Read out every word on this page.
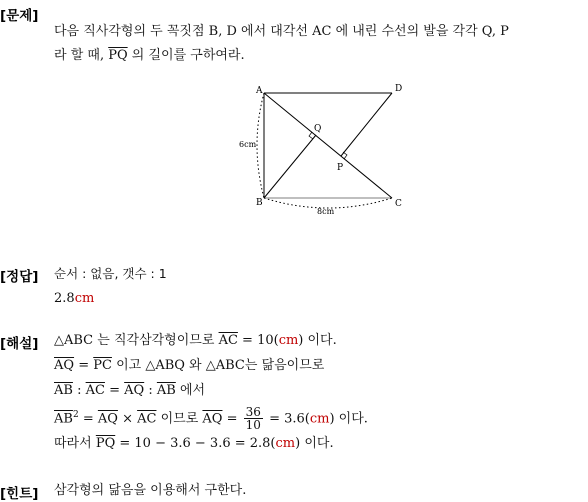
[문제]
다음 직사각형의 두 꼭짓점 B, D 에서 대각선 AC 에 내린 수선의 발을 각각 Q, P
라 할 때, $\overline{PQ}$ 의 길이를 구하여라.
A	D
B	C
Q
P
6cm
8cm
[정답] 순서 : 없음, 갯수 : 1
2.8cm
[해설] △ABC 는 직각삼각형이므로 $\overline{AC} = 10(cm)$ 이다.
$\overline{AQ} = \overline{PC}$ 이고 △ABQ 와 △ABC는 닮음이므로
$\overline{AB}$ : $\overline{AC} = \overline{AQ}$ : $\overline{AB}$ 에서
$\overline{AB}^2 = \overline{AQ} \times \overline{AC}$ 이므로 $\overline{AQ} = \frac{36}{10} = 3.6(cm)$ 이다.
따라서 $\overline{PQ} = 10 - 3.6 - 3.6 = 2.8(cm)$ 이다.
[힌트] 삼각형의 닮음을 이용해서 구한다.
